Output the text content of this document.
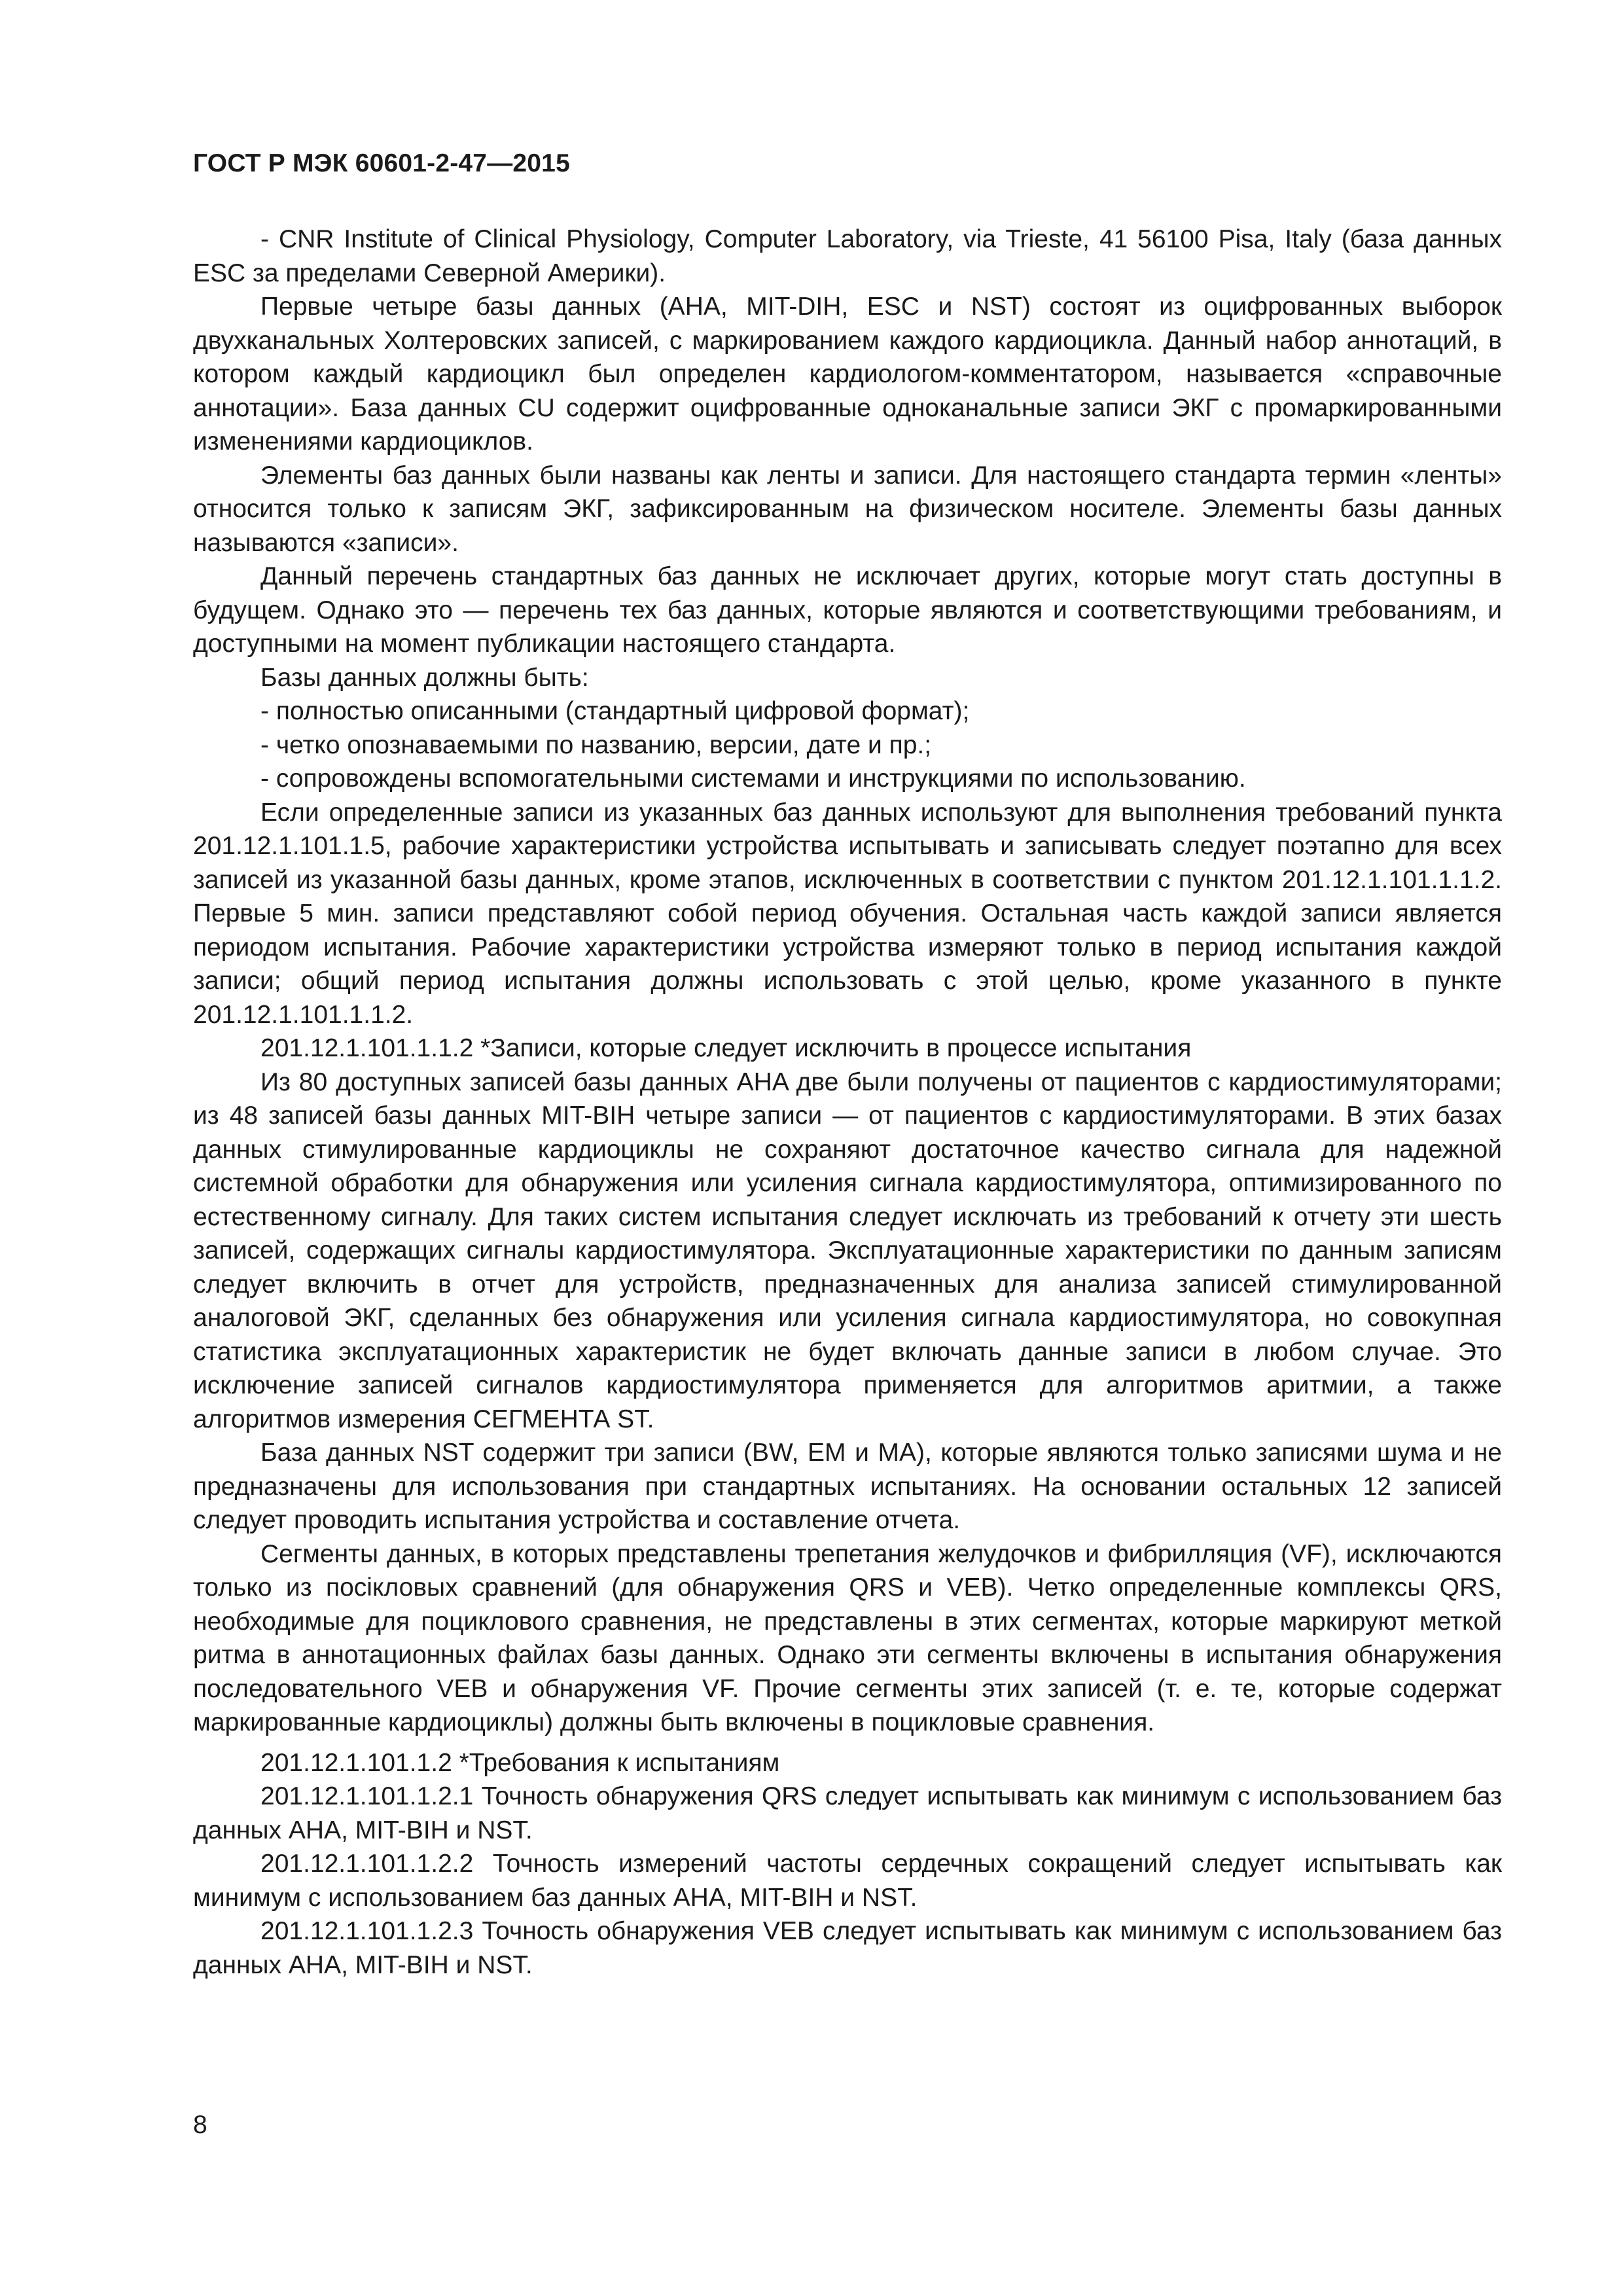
ГОСТ Р МЭК 60601-2-47—2015

- CNR Institute of Clinical Physiology, Computer Laboratory, via Trieste, 41 56100 Pisa, Italy (база данных ESC за пределами Северной Америки).

Первые четыре базы данных (AHA, MIT-DIH, ESC и NST) состоят из оцифрованных выборок двухканальных Холтеровских записей, с маркированием каждого кардиоцикла. Данный набор аннотаций, в котором каждый кардиоцикл был определен кардиологом-комментатором, называется «справочные аннотации». База данных CU содержит оцифрованные одноканальные записи ЭКГ с промаркированными изменениями кардиоциклов.

Элементы баз данных были названы как ленты и записи. Для настоящего стандарта термин «ленты» относится только к записям ЭКГ, зафиксированным на физическом носителе. Элементы базы данных называются «записи».

Данный перечень стандартных баз данных не исключает других, которые могут стать доступны в будущем. Однако это — перечень тех баз данных, которые являются и соответствующими требованиям, и доступными на момент публикации настоящего стандарта.

Базы данных должны быть:

- полностью описанными (стандартный цифровой формат);

- четко опознаваемыми по названию, версии, дате и пр.;

- сопровождены вспомогательными системами и инструкциями по использованию.

Если определенные записи из указанных баз данных используют для выполнения требований пункта 201.12.1.101.1.5, рабочие характеристики устройства испытывать и записывать следует поэтапно для всех записей из указанной базы данных, кроме этапов, исключенных в соответствии с пунктом 201.12.1.101.1.1.2. Первые 5 мин. записи представляют собой период обучения. Остальная часть каждой записи является периодом испытания. Рабочие характеристики устройства измеряют только в период испытания каждой записи; общий период испытания должны использовать с этой целью, кроме указанного в пункте 201.12.1.101.1.1.2.

201.12.1.101.1.1.2 *Записи, которые следует исключить в процессе испытания

Из 80 доступных записей базы данных AHA две были получены от пациентов с кардиостимуляторами; из 48 записей базы данных MIT-BIH четыре записи — от пациентов с кардиостимуляторами. В этих базах данных стимулированные кардиоциклы не сохраняют достаточное качество сигнала для надежной системной обработки для обнаружения или усиления сигнала кардиостимулятора, оптимизированного по естественному сигналу. Для таких систем испытания следует исключать из требований к отчету эти шесть записей, содержащих сигналы кардиостимулятора. Эксплуатационные характеристики по данным записям следует включить в отчет для устройств, предназначенных для анализа записей стимулированной аналоговой ЭКГ, сделанных без обнаружения или усиления сигнала кардиостимулятора, но совокупная статистика эксплуатационных характеристик не будет включать данные записи в любом случае. Это исключение записей сигналов кардиостимулятора применяется для алгоритмов аритмии, а также алгоритмов измерения СЕГМЕНТА ST.

База данных NST содержит три записи (BW, EM и MA), которые являются только записями шума и не предназначены для использования при стандартных испытаниях. На основании остальных 12 записей следует проводить испытания устройства и составление отчета.

Сегменты данных, в которых представлены трепетания желудочков и фибрилляция (VF), исключаются только из пociкловых сравнений (для обнаружения QRS и VEB). Четко определенные комплексы QRS, необходимые для поциклового сравнения, не представлены в этих сегментах, которые маркируют меткой ритма в аннотационных файлах базы данных. Однако эти сегменты включены в испытания обнаружения последовательного VEB и обнаружения VF. Прочие сегменты этих записей (т. е. те, которые содержат маркированные кардиоциклы) должны быть включены в поцикловые сравнения.

201.12.1.101.1.2 *Требования к испытаниям

201.12.1.101.1.2.1 Точность обнаружения QRS следует испытывать как минимум с использованием баз данных AHA, MIT-BIH и NST.

201.12.1.101.1.2.2 Точность измерений частоты сердечных сокращений следует испытывать как минимум с использованием баз данных AHA, MIT-BIH и NST.

201.12.1.101.1.2.3 Точность обнаружения VEB следует испытывать как минимум с использованием баз данных AHA, MIT-BIH и NST.

8
